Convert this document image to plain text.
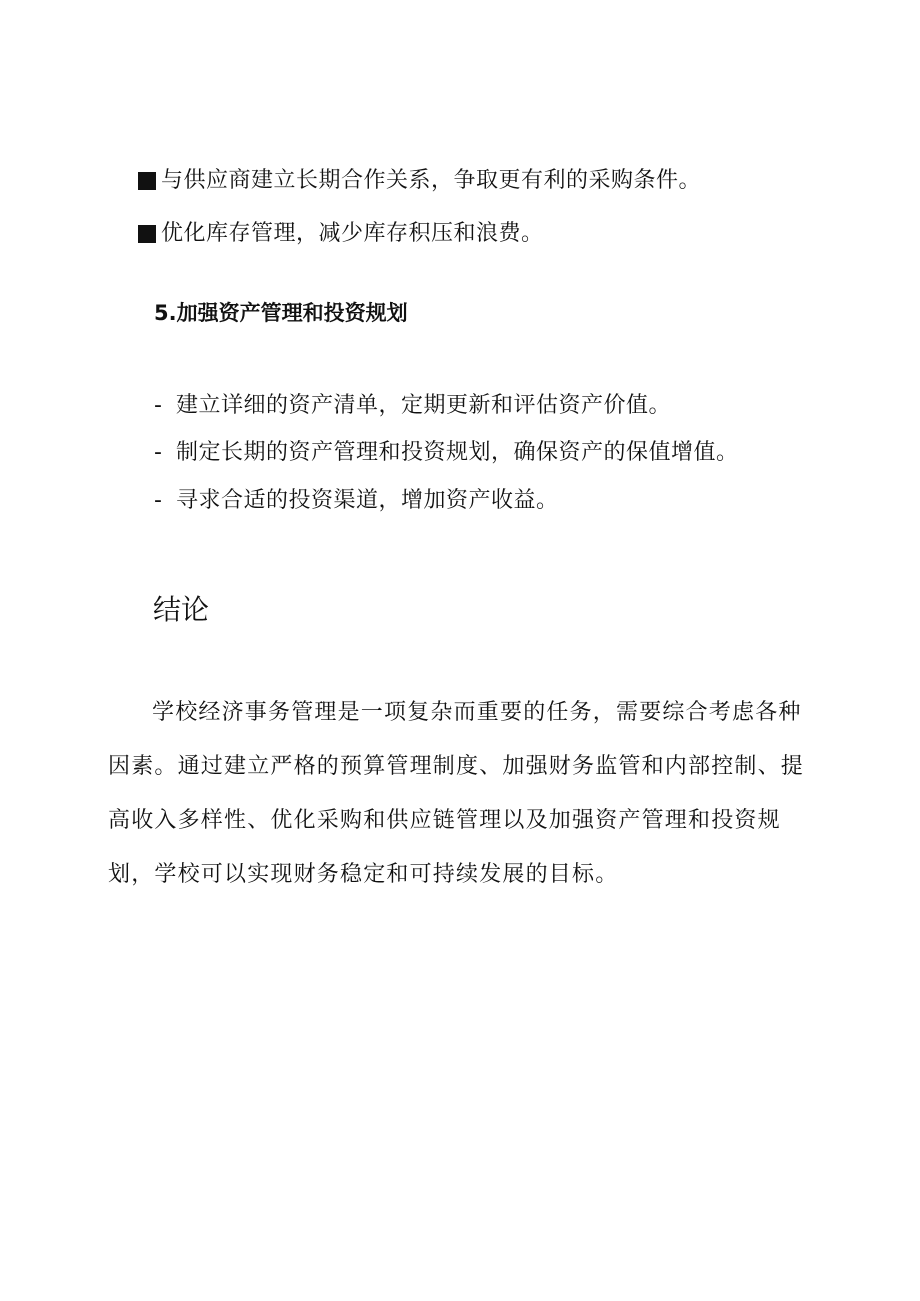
与供应商建立长期合作关系，争取更有利的采购条件。
优化库存管理，减少库存积压和浪费。
5.加强资产管理和投资规划
- 建立详细的资产清单，定期更新和评估资产价值。
- 制定长期的资产管理和投资规划，确保资产的保值增值。
- 寻求合适的投资渠道，增加资产收益。
结论
学校经济事务管理是一项复杂而重要的任务，需要综合考虑各种
因素。通过建立严格的预算管理制度、加强财务监管和内部控制、提
高收入多样性、优化采购和供应链管理以及加强资产管理和投资规
划，学校可以实现财务稳定和可持续发展的目标。
